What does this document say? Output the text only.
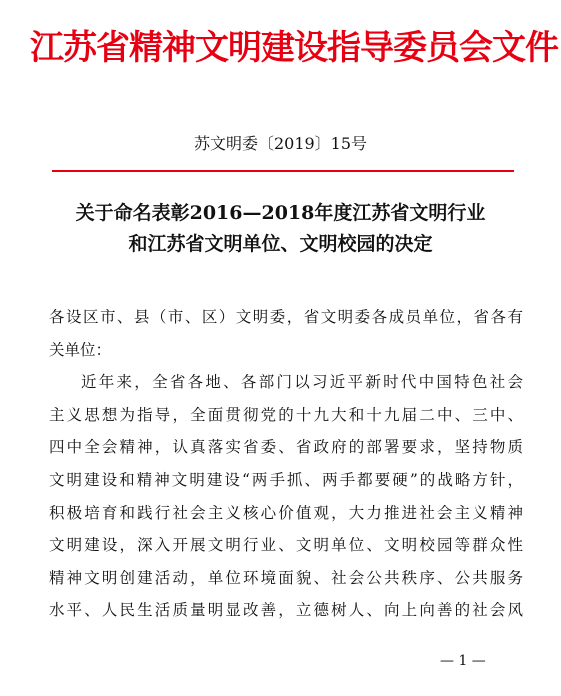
江苏省精神文明建设指导委员会文件
苏文明委〔2019〕15号
关于命名表彰2016—2018年度江苏省文明行业
和江苏省文明单位、文明校园的决定
各设区市、县（市、区）文明委，省文明委各成员单位，省各有
关单位：
近年来，全省各地、各部门以习近平新时代中国特色社会
主义思想为指导，全面贯彻党的十九大和十九届二中、三中、
四中全会精神，认真落实省委、省政府的部署要求，坚持物质
文明建设和精神文明建设“两手抓、两手都要硬”的战略方针，
积极培育和践行社会主义核心价值观，大力推进社会主义精神
文明建设，深入开展文明行业、文明单位、文明校园等群众性
精神文明创建活动，单位环境面貌、社会公共秩序、公共服务
水平、人民生活质量明显改善，立德树人、向上向善的社会风
— 1 —
